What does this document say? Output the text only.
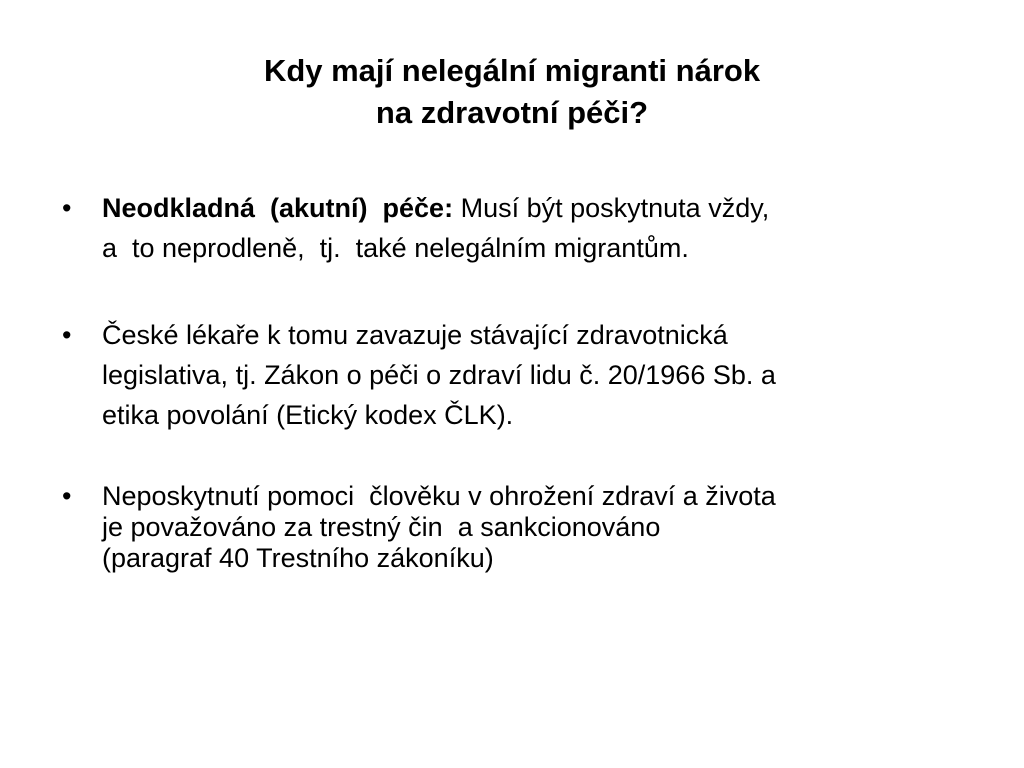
Kdy mají nelegální migranti nárok
na zdravotní péči?
•	Neodkladná  (akutní)  péče: Musí být poskytnuta vždy,
a  to neprodleně,  tj.  také nelegálním migrantům.
•	České lékaře k tomu zavazuje stávající zdravotnická
legislativa, tj. Zákon o péči o zdraví lidu č. 20/1966 Sb. a
etika povolání (Etický kodex ČLK).
•	Neposkytnutí pomoci  člověku v ohrožení zdraví a života
je považováno za trestný čin  a sankcionováno
(paragraf 40 Trestního zákoníku)
